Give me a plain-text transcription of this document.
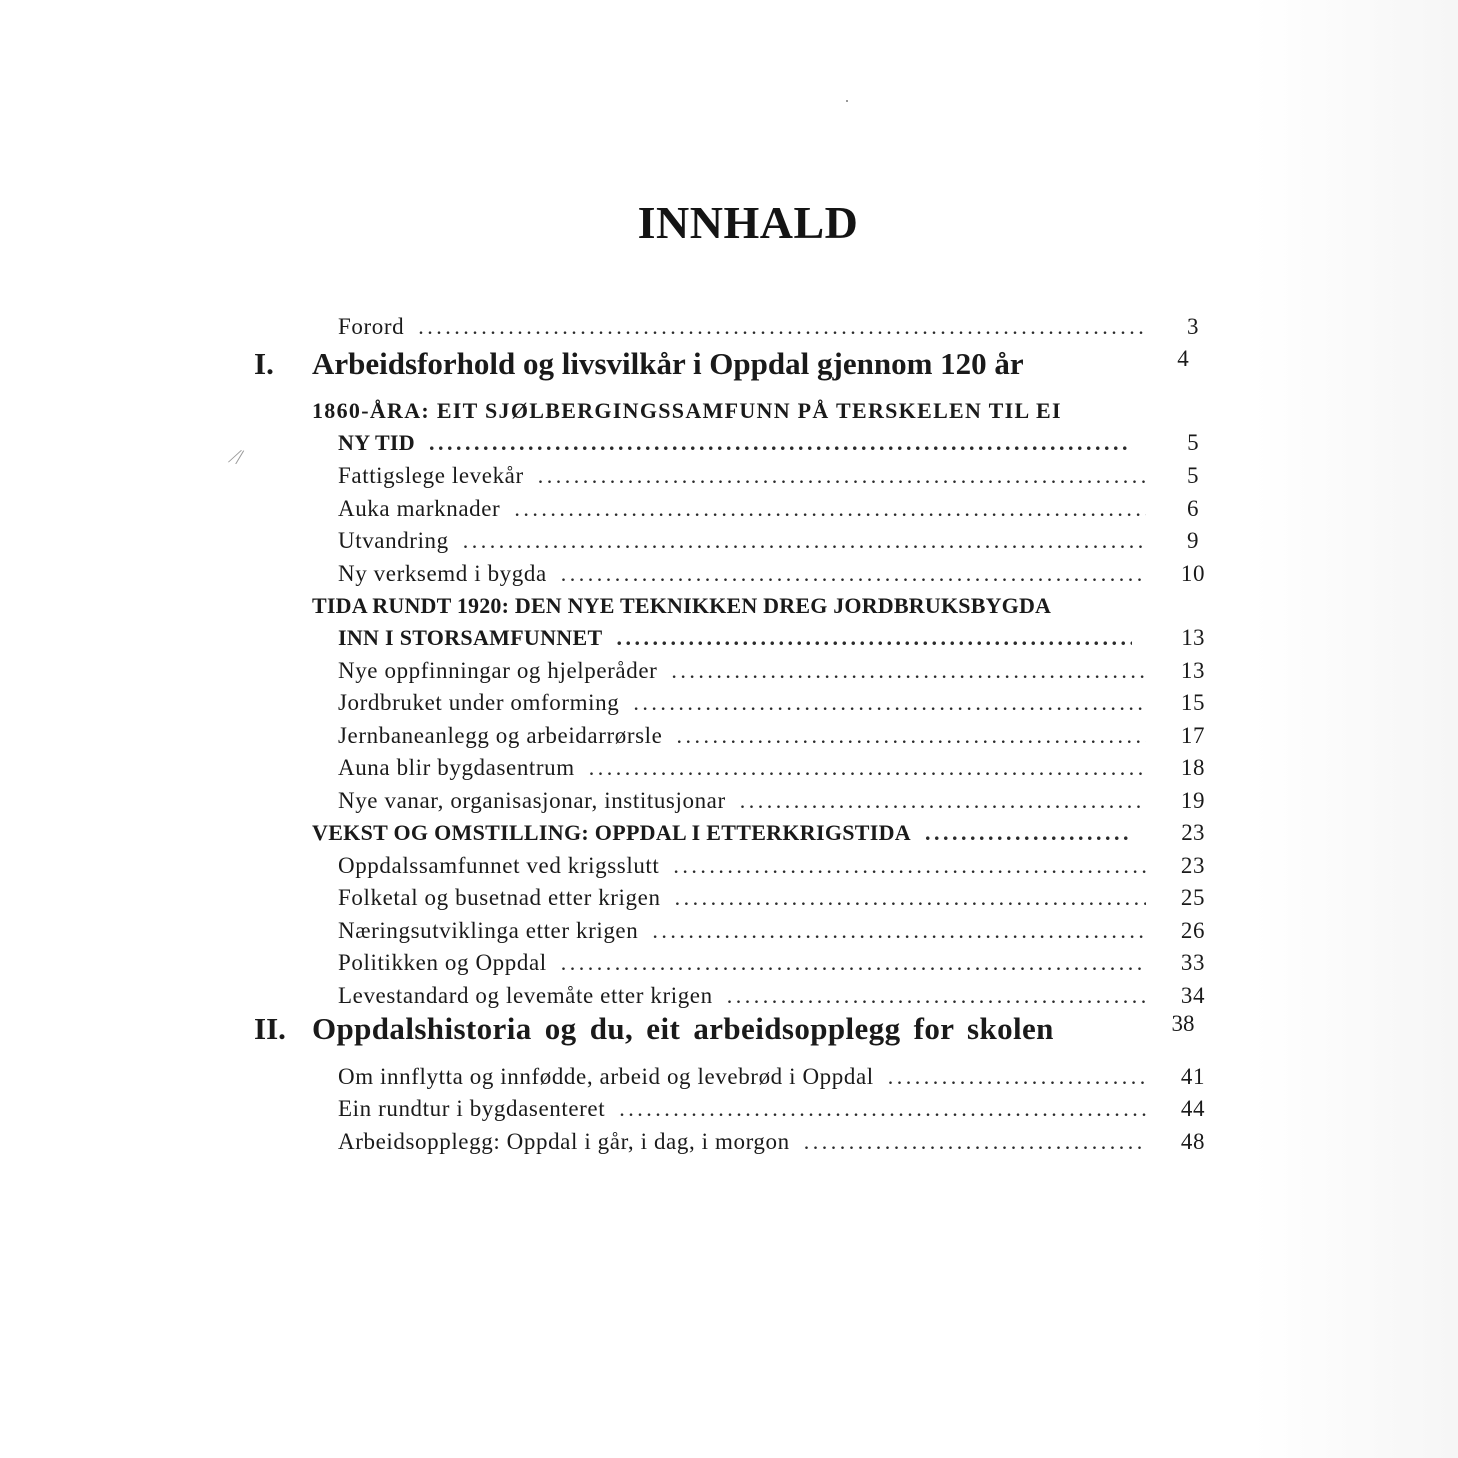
⁄/
INNHALD
Forord . . .	3
I.	Arbeidsforhold og livsvilkår i Oppdal gjennom 120 år	4
1860-ÅRA: EIT SJØLBERGINGSSAMFUNN PÅ TERSKELEN TIL EI
NY TID . . .	5
Fattigslege levekår . . .	5
Auka marknader . . .	6
Utvandring . . .	9
Ny verksemd i bygda . . .	10
TIDA RUNDT 1920: DEN NYE TEKNIKKEN DREG JORDBRUKSBYGDA
INN I STORSAMFUNNET . . .	13
Nye oppfinningar og hjelperåder . . .	13
Jordbruket under omforming . . .	15
Jernbaneanlegg og arbeidarrørsle . . .	17
Auna blir bygdasentrum . . .	18
Nye vanar, organisasjonar, institusjonar . . .	19
VEKST OG OMSTILLING: OPPDAL I ETTERKRIGSTIDA . . .	23
Oppdalssamfunnet ved krigsslutt . . .	23
Folketal og busetnad etter krigen . . .	25
Næringsutviklinga etter krigen . . .	26
Politikken og Oppdal . . .	33
Levestandard og levemåte etter krigen . . .	34
II. Oppdalshistoria og du, eit arbeidsopplegg for skolen	38
Om innflytta og innfødde, arbeid og levebrød i Oppdal . . .	41
Ein rundtur i bygdasenteret . . .	44
Arbeidsopplegg: Oppdal i går, i dag, i morgon . . .	48
